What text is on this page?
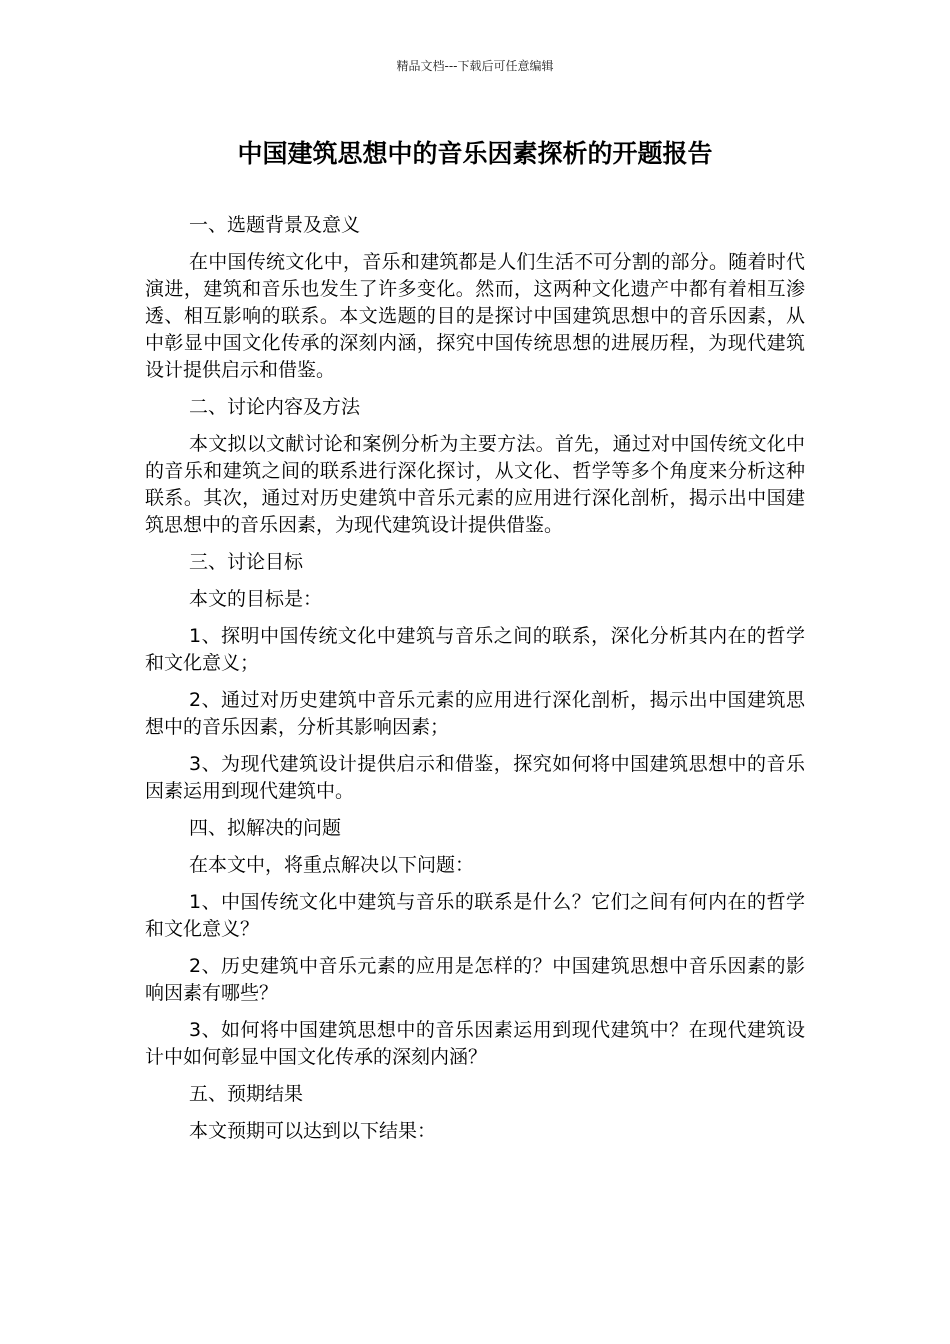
精品文档---下载后可任意编辑
中国建筑思想中的音乐因素探析的开题报告

一、选题背景及意义

在中国传统文化中，音乐和建筑都是人们生活不可分割的部分。随着时代演进，建筑和音乐也发生了许多变化。然而，这两种文化遗产中都有着相互渗透、相互影响的联系。本文选题的目的是探讨中国建筑思想中的音乐因素，从中彰显中国文化传承的深刻内涵，探究中国传统思想的进展历程，为现代建筑设计提供启示和借鉴。

二、讨论内容及方法

本文拟以文献讨论和案例分析为主要方法。首先，通过对中国传统文化中的音乐和建筑之间的联系进行深化探讨，从文化、哲学等多个角度来分析这种联系。其次，通过对历史建筑中音乐元素的应用进行深化剖析，揭示出中国建筑思想中的音乐因素，为现代建筑设计提供借鉴。

三、讨论目标

本文的目标是：

1、探明中国传统文化中建筑与音乐之间的联系，深化分析其内在的哲学和文化意义；

2、通过对历史建筑中音乐元素的应用进行深化剖析，揭示出中国建筑思想中的音乐因素，分析其影响因素；

3、为现代建筑设计提供启示和借鉴，探究如何将中国建筑思想中的音乐因素运用到现代建筑中。

四、拟解决的问题

在本文中，将重点解决以下问题：

1、中国传统文化中建筑与音乐的联系是什么？它们之间有何内在的哲学和文化意义？

2、历史建筑中音乐元素的应用是怎样的？中国建筑思想中音乐因素的影响因素有哪些？

3、如何将中国建筑思想中的音乐因素运用到现代建筑中？在现代建筑设计中如何彰显中国文化传承的深刻内涵？

五、预期结果

本文预期可以达到以下结果：
